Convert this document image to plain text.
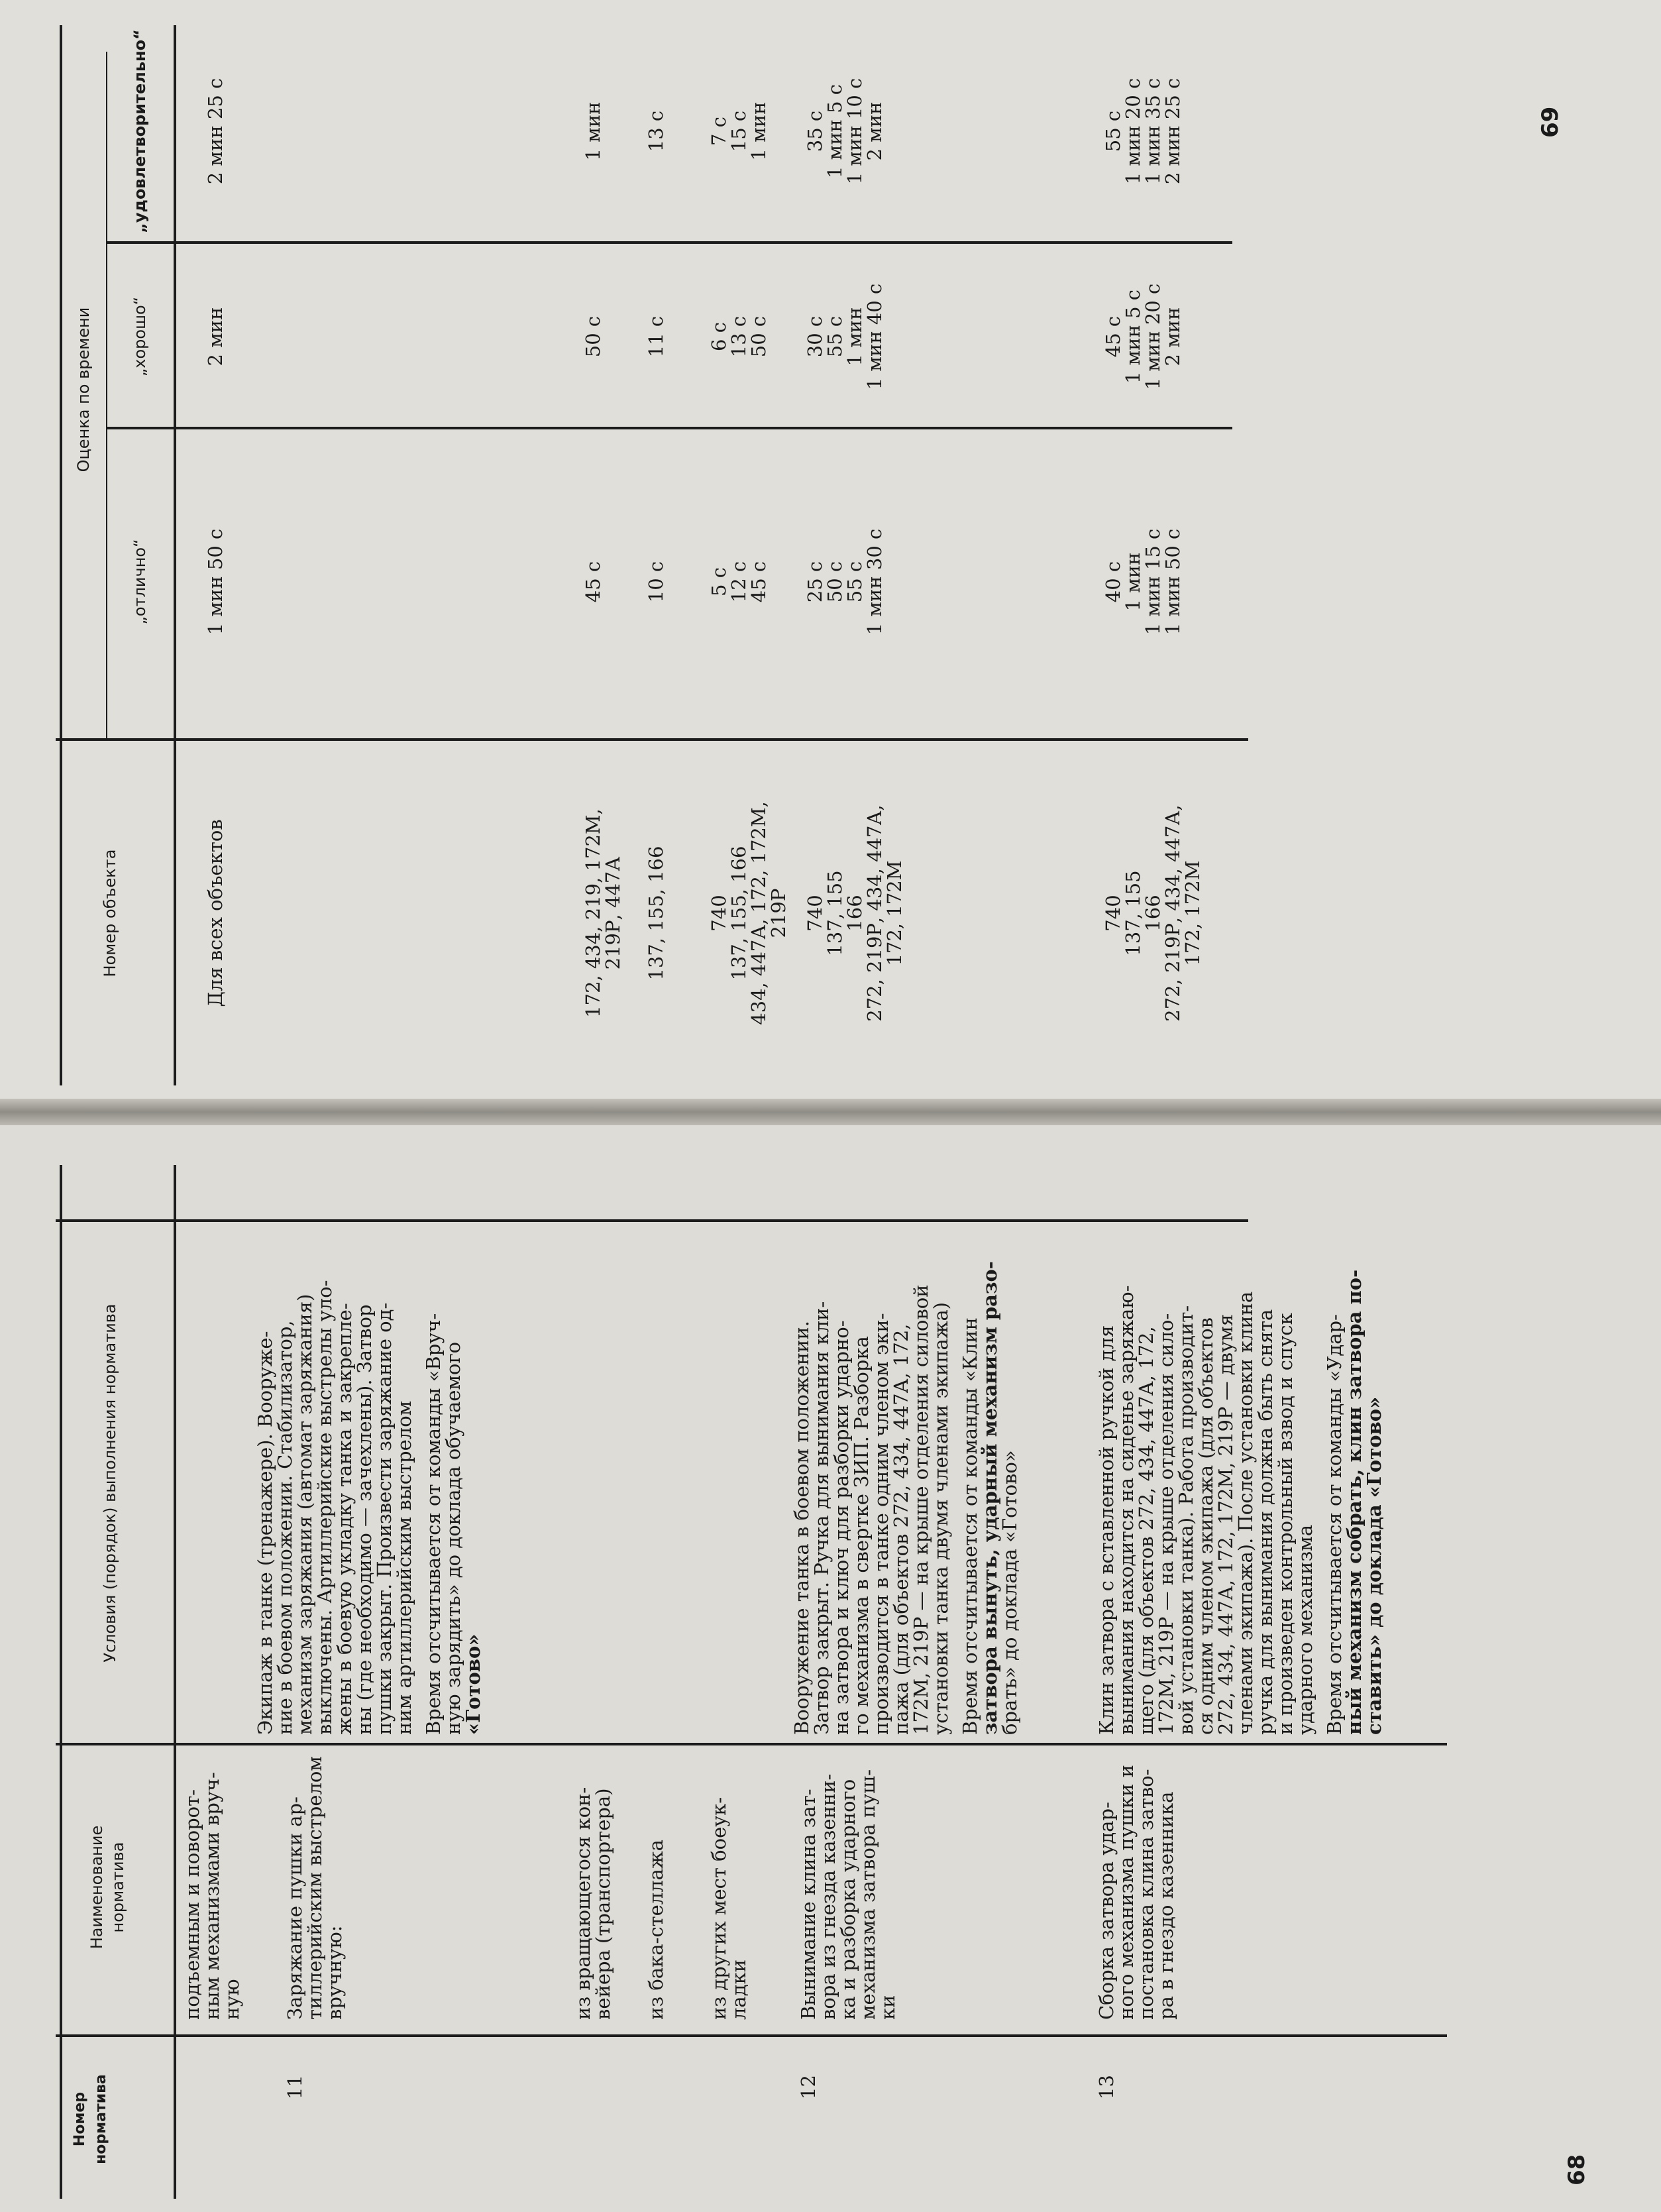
Номер норматива
Наименование норматива
Условия (порядок) выполнения норматива
подъемным и поворот-
ным механизмами вруч-
ную
11
Заряжание пушки ар-
тиллерийским выстрелом
вручную:
Экипаж в танке (тренажере). Вооруже-
ние в боевом положении. Стабилизатор,
механизм заряжания (автомат заряжания)
выключены. Артиллерийские выстрелы уло-
жены в боевую укладку танка и закрепле-
ны (где необходимо — зачехлены). Затвор
пушки закрыт. Произвести заряжание од-
ним артиллерийским выстрелом Время отсчитывается от команды «Вруч-
ную зарядить» до доклада обучаемого
«Готово»
из вращающегося кон-
вейера (транспортера) из бака-стеллажа из других мест боеук-
ладки
12
Вынимание клина зат-
вора из гнезда казенни-
ка и разборка ударного
механизма затвора пуш-
ки
Вооружение танка в боевом положении.
Затвор закрыт. Ручка для вынимания кли-
на затвора и ключ для разборки ударно-
го механизма в свертке ЗИП. Разборка
производится в танке одним членом эки-
пажа (для объектов 272, 434, 447А, 172,
172М, 219Р — на крыше отделения силовой
установки танка двумя членами экипажа) Время отсчитывается от команды «Клин
затвора вынуть, ударный механизм разо-
брать» до доклада «Готово»
13
Сборка затвора удар-
ного механизма пушки и
постановка клина затво-
ра в гнездо казенника
Клин затвора с вставленной ручкой для
вынимания находится на сиденье заряжаю-
щего (для объектов 272, 434, 447А, 172,
172М, 219Р — на крыше отделения сило-
вой установки танка). Работа производит-
ся одним членом экипажа (для объектов
272, 434, 447А, 172, 172М, 219Р — двумя
членами экипажа). После установки клина
ручка для вынимания должна быть снята
и произведен контрольный взвод и спуск
ударного механизма Время отсчитывается от команды «Удар-
ный механизм собрать, клин затвора по-
ставить» до доклада «Готово»
68
Номер объекта
Оценка по времени
„отлично“
„хорошо“
„удовлетворительно“
Для всех объектов
1 мин 50 с
2 мин
2 мин 25 с
172, 434, 219, 172М,
219Р, 447А
45 с
50 с
1 мин
137, 155, 166
10 с
11 с
13 с
740
137, 155, 166
434, 447А, 172, 172М,
219Р
5 с
12 с
45 с
6 с
13 с
50 с
7 с
15 с
1 мин
740
137, 155
166
272, 219Р, 434, 447А,
172, 172М
25 с
50 с
55 с
1 мин 30 с
30 с
55 с
1 мин
1 мин 40 с
35 с
1 мин 5 с
1 мин 10 с
2 мин
740
137, 155
166
272, 219Р, 434, 447А,
172, 172М
40 с
1 мин
1 мин 15 с
1 мин 50 с
45 с
1 мин 5 с
1 мин 20 с
2 мин
55 с
1 мин 20 с
1 мин 35 с
2 мин 25 с	69
